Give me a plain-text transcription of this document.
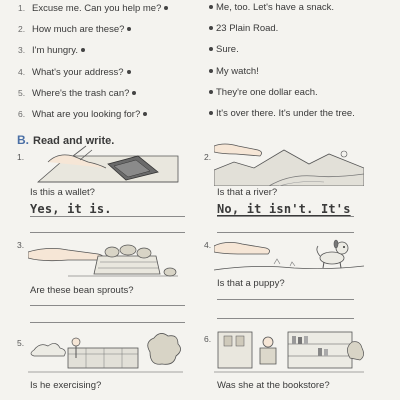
1. Excuse me. Can you help me?
2. How much are these?
3. I'm hungry.
4. What's your address?
5. Where's the trash can?
6. What are you looking for?
Me, too. Let's have a snack.
23 Plain Road.
Sure.
My watch!
They're one dollar each.
It's over there. It's under the tree.
B. Read and write.
1.
Is this a wallet?
Yes, it is.
2.
Is that a river?
No, it isn't. It's
3.
Are these bean sprouts?
4.
Is that a puppy?
5.
Is he exercising?
6.
Was she at the bookstore?
